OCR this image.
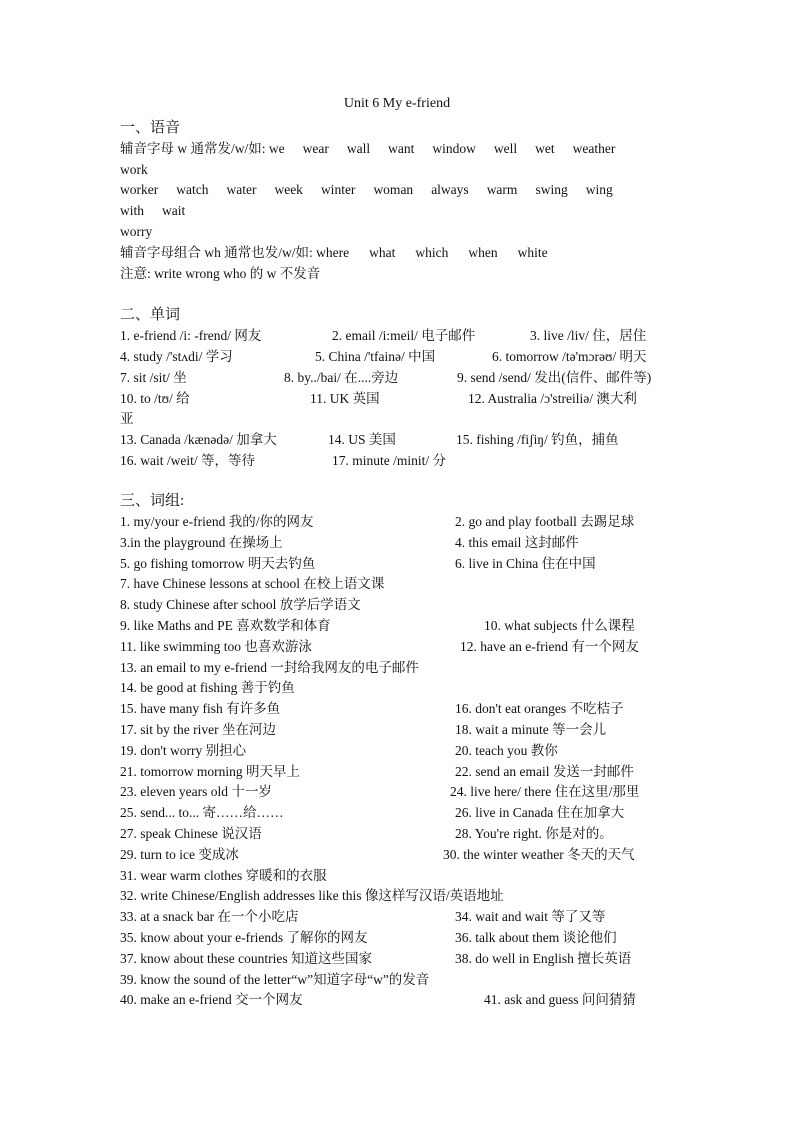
Unit 6 My e-friend
一、语音
辅音字母 w 通常发/w/如: we wear wall want window well wet weather
work
worker watch water week winter woman always warm swing wing
with wait
worry
辅音字母组合 wh 通常也发/w/如: where what which when white
注意: write wrong who 的 w 不发音
二、单词
1. e-friend /i: -frend/ 网友	2. email /i:meil/ 电子邮件	3. live /liv/ 住，居住
4. study /'stʌdi/ 学习	5. China /'tfainə/ 中国	6. tomorrow /tə'mɔrəʊ/ 明天
7. sit /sit/ 坐	8. by../bai/ 在....旁边	9. send /send/ 发出(信件、邮件等)
10. to /tʊ/ 给	11. UK 英国	12. Australia /ɔ'streiliə/ 澳大利
亚
13. Canada /kænədə/ 加拿大	14. US 美国	15. fishing /fiʃiŋ/ 钓鱼，捕鱼
16. wait /weit/ 等，等待	17. minute /minit/ 分
三、词组:
1. my/your e-friend 我的/你的网友	2. go and play football 去踢足球
3.in the playground 在操场上	4. this email 这封邮件
5. go fishing tomorrow 明天去钓鱼	6. live in China 住在中国
7. have Chinese lessons at school 在校上语文课
8. study Chinese after school 放学后学语文
9. like Maths and PE 喜欢数学和体育	10. what subjects 什么课程
11. like swimming too 也喜欢游泳	12. have an e-friend 有一个网友
13. an email to my e-friend 一封给我网友的电子邮件
14. be good at fishing 善于钓鱼
15. have many fish 有许多鱼	16. don't eat oranges 不吃桔子
17. sit by the river 坐在河边	18. wait a minute 等一会儿
19. don't worry 别担心	20. teach you 教你
21. tomorrow morning 明天早上	22. send an email 发送一封邮件
23. eleven years old 十一岁	24. live here/ there 住在这里/那里
25. send... to... 寄……给……	26. live in Canada 住在加拿大
27. speak Chinese 说汉语	28. You're right. 你是对的。
29. turn to ice 变成冰	30. the winter weather 冬天的天气
31. wear warm clothes 穿暖和的衣服
32. write Chinese/English addresses like this 像这样写汉语/英语地址
33. at a snack bar 在一个小吃店	34. wait and wait 等了又等
35. know about your e-friends 了解你的网友	36. talk about them 谈论他们
37. know about these countries 知道这些国家	38. do well in English 擅长英语
39. know the sound of the letter“w”知道字母“w”的发音
40. make an e-friend 交一个网友	41. ask and guess 问问猜猜
